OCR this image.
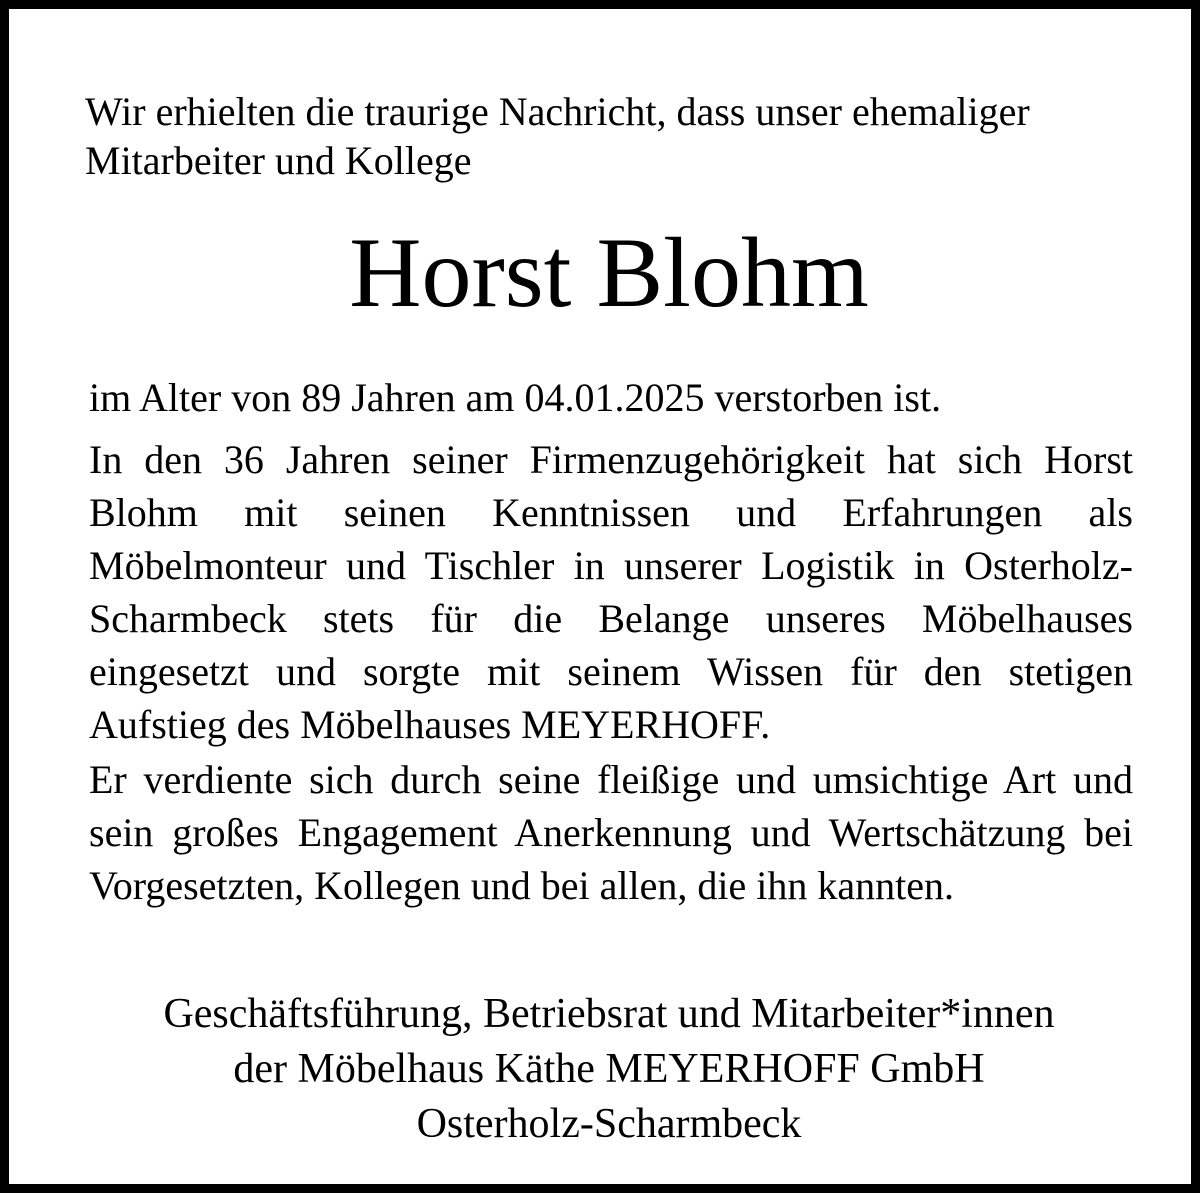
Wir erhielten die traurige Nachricht, dass unser ehemaliger
Mitarbeiter und Kollege

Horst Blohm

im Alter von 89 Jahren am 04.01.2025 verstorben ist.

In den 36 Jahren seiner Firmenzugehörigkeit hat sich Horst Blohm mit seinen Kenntnissen und Erfahrungen als Möbelmonteur und Tischler in unserer Logistik in Osterholz-Scharmbeck stets für die Belange unseres Möbelhauses eingesetzt und sorgte mit seinem Wissen für den stetigen Aufstieg des Möbelhauses MEYERHOFF.

Er verdiente sich durch seine fleißige und umsichtige Art und sein großes Engagement Anerkennung und Wertschätzung bei Vorgesetzten, Kollegen und bei allen, die ihn kannten.

Geschäftsführung, Betriebsrat und Mitarbeiter*innen
der Möbelhaus Käthe MEYERHOFF GmbH
Osterholz-Scharmbeck
